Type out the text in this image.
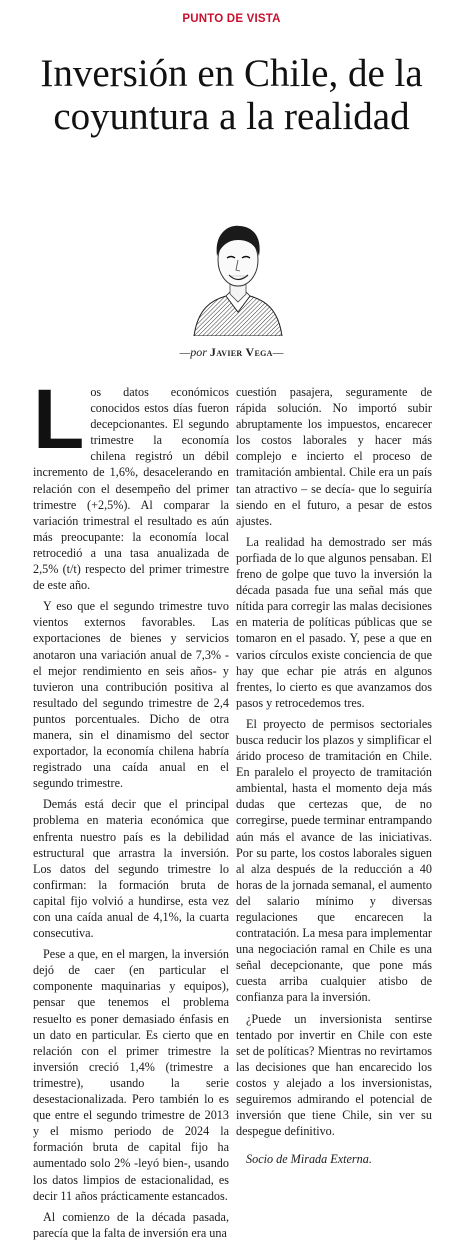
PUNTO DE VISTA
Inversión en Chile, de la coyuntura a la realidad
—por Javier Vega—

Los datos económicos conocidos estos días fueron decepcionantes. El segundo trimestre la economía chilena registró un débil incremento de 1,6%, desacelerando en relación con el desempeño del primer trimestre (+2,5%). Al comparar la variación trimestral el resultado es aún más preocupante: la economía local retrocedió a una tasa anualizada de 2,5% (t/t) respecto del primer trimestre de este año.

Y eso que el segundo trimestre tuvo vientos externos favorables. Las exportaciones de bienes y servicios anotaron una variación anual de 7,3% -el mejor rendimiento en seis años- y tuvieron una contribución positiva al resultado del segundo trimestre de 2,4 puntos porcentuales. Dicho de otra manera, sin el dinamismo del sector exportador, la economía chilena habría registrado una caída anual en el segundo trimestre.

Demás está decir que el principal problema en materia económica que enfrenta nuestro país es la debilidad estructural que arrastra la inversión. Los datos del segundo trimestre lo confirman: la formación bruta de capital fijo volvió a hundirse, esta vez con una caída anual de 4,1%, la cuarta consecutiva.

Pese a que, en el margen, la inversión dejó de caer (en particular el componente maquinarias y equipos), pensar que tenemos el problema resuelto es poner demasiado énfasis en un dato en particular. Es cierto que en relación con el primer trimestre la inversión creció 1,4% (trimestre a trimestre), usando la serie desestacionalizada. Pero también lo es que entre el segundo trimestre de 2013 y el mismo periodo de 2024 la formación bruta de capital fijo ha aumentado solo 2% -leyó bien-, usando los datos limpios de estacionalidad, es decir 11 años prácticamente estancados.

Al comienzo de la década pasada, parecía que la falta de inversión era una

cuestión pasajera, seguramente de rápida solución. No importó subir abruptamente los impuestos, encarecer los costos laborales y hacer más complejo e incierto el proceso de tramitación ambiental. Chile era un país tan atractivo – se decía- que lo seguiría siendo en el futuro, a pesar de estos ajustes.

La realidad ha demostrado ser más porfiada de lo que algunos pensaban. El freno de golpe que tuvo la inversión la década pasada fue una señal más que nítida para corregir las malas decisiones en materia de políticas públicas que se tomaron en el pasado. Y, pese a que en varios círculos existe conciencia de que hay que echar pie atrás en algunos frentes, lo cierto es que avanzamos dos pasos y retrocedemos tres.

El proyecto de permisos sectoriales busca reducir los plazos y simplificar el árido proceso de tramitación en Chile. En paralelo el proyecto de tramitación ambiental, hasta el momento deja más dudas que certezas que, de no corregirse, puede terminar entrampando aún más el avance de las iniciativas. Por su parte, los costos laborales siguen al alza después de la reducción a 40 horas de la jornada semanal, el aumento del salario mínimo y diversas regulaciones que encarecen la contratación. La mesa para implementar una negociación ramal en Chile es una señal decepcionante, que pone más cuesta arriba cualquier atisbo de confianza para la inversión.

¿Puede un inversionista sentirse tentado por invertir en Chile con este set de políticas? Mientras no revirtamos las decisiones que han encarecido los costos y alejado a los inversionistas, seguiremos admirando el potencial de inversión que tiene Chile, sin ver su despegue definitivo.

Socio de Mirada Externa.
